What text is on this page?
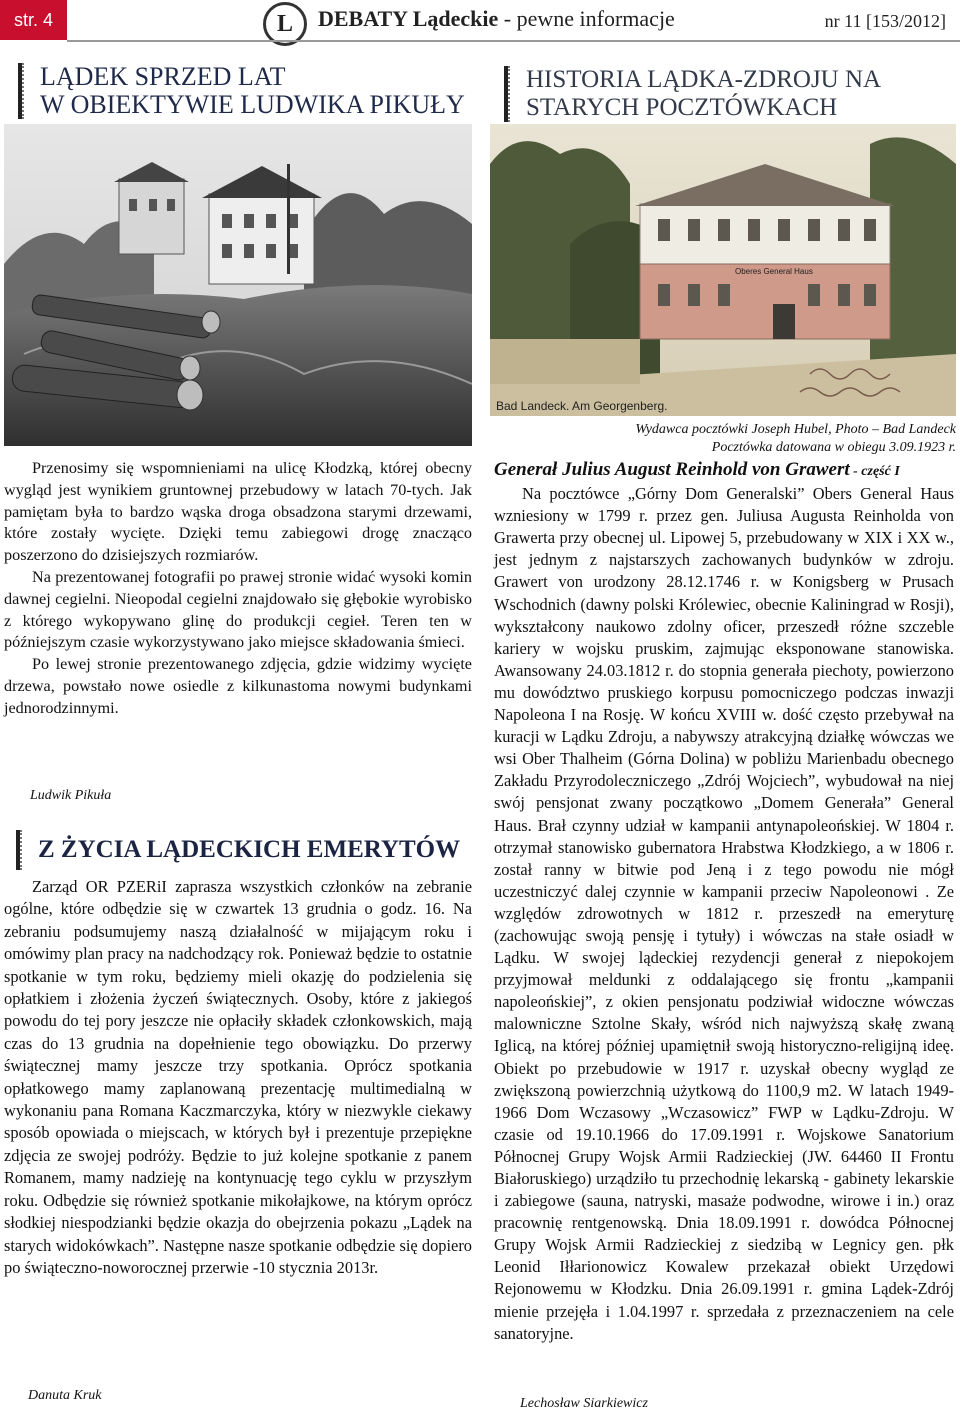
str. 4	L	DEBATY Lądeckie - pewne informacje	nr 11 [153/2012]
LĄDEK SPRZED LAT
W OBIEKTYWIE LUDWIKA PIKUŁY

Przenosimy się wspomnieniami na ulicę Kłodzką, której obecny wygląd jest wynikiem gruntownej przebudowy w latach 70-tych. Jak pamiętam była to bardzo wąska droga obsadzona starymi drzewami, które zostały wycięte. Dzięki temu zabiegowi drogę znacząco poszerzono do dzisiejszych rozmiarów.

Na prezentowanej fotografii po prawej stronie widać wysoki komin dawnej cegielni. Nieopodal cegielni znajdowało się głębokie wyrobisko z którego wykopywano glinę do produkcji cegieł. Teren ten w późniejszym czasie wykorzystywano jako miejsce składowania śmieci.

Po lewej stronie prezentowanego zdjęcia, gdzie widzimy wycięte drzewa, powstało nowe osiedle z kilkunastoma nowymi budynkami jednorodzinnymi.

Ludwik Pikuła
Z ŻYCIA LĄDECKICH EMERYTÓW

Zarząd OR PZERiI zaprasza wszystkich członków na zebranie ogólne, które odbędzie się w czwartek 13 grudnia o godz. 16. Na zebraniu podsumujemy naszą działalność w mijającym roku i omówimy plan pracy na nadchodzący rok. Ponieważ będzie to ostatnie spotkanie w tym roku, będziemy mieli okazję do podzielenia się opłatkiem i złożenia życzeń świątecznych. Osoby, które z jakiegoś powodu do tej pory jeszcze nie opłaciły składek członkowskich, mają czas do 13 grudnia na dopełnienie tego obowiązku. Do przerwy świątecznej mamy jeszcze trzy spotkania. Oprócz spotkania opłatkowego mamy zaplanowaną prezentację multimedialną w wykonaniu pana Romana Kaczmarczyka, który w niezwykle ciekawy sposób opowiada o miejscach, w których był i prezentuje przepiękne zdjęcia ze swojej podróży. Będzie to już kolejne spotkanie z panem Romanem, mamy nadzieję na kontynuację tego cyklu w przyszłym roku. Odbędzie się również spotkanie mikołajkowe, na którym oprócz słodkiej niespodzianki będzie okazja do obejrzenia pokazu „Lądek na starych widokówkach”. Następne nasze spotkanie odbędzie się dopiero po świąteczno-noworocznej przerwie -10 stycznia 2013r.

Danuta Kruk
HISTORIA LĄDKA-ZDROJU NA
STARYCH POCZTÓWKACH
Bad Landeck. Am Georgenberg.
Oberes General Haus
Wydawca pocztówki Joseph Hubel, Photo – Bad Landeck
Pocztówka datowana w obiegu 3.09.1923 r.
Generał Julius August Reinhold von Grawert - część I

Na pocztówce „Górny Dom Generalski” Obers General Haus wzniesiony w 1799 r. przez gen. Juliusa Augusta Reinholda von Grawerta przy obecnej ul. Lipowej 5, przebudowany w XIX i XX w., jest jednym z najstarszych zachowanych budynków w zdroju. Grawert von urodzony 28.12.1746 r. w Konigsberg w Prusach Wschodnich (dawny polski Królewiec, obecnie Kaliningrad w Rosji), wykształcony naukowo zdolny oficer, przeszedł różne szczeble kariery w wojsku pruskim, zajmując eksponowane stanowiska. Awansowany 24.03.1812 r. do stopnia generała piechoty, powierzono mu dowództwo pruskiego korpusu pomocniczego podczas inwazji Napoleona I na Rosję. W końcu XVIII w. dość często przebywał na kuracji w Lądku Zdroju, a nabywszy atrakcyjną działkę wówczas we wsi Ober Thalheim (Górna Dolina) w pobliżu Marienbadu obecnego Zakładu Przyrodoleczniczego „Zdrój Wojciech”, wybudował na niej swój pensjonat zwany początkowo „Domem Generała” General Haus. Brał czynny udział w kampanii antynapoleońskiej. W 1804 r. otrzymał stanowisko gubernatora Hrabstwa Kłodzkiego, a w 1806 r. został ranny w bitwie pod Jeną i z tego powodu nie mógł uczestniczyć dalej czynnie w kampanii przeciw Napoleonowi . Ze względów zdrowotnych w 1812 r. przeszedł na emeryturę (zachowując swoją pensję i tytuły) i wówczas na stałe osiadł w Lądku. W swojej lądeckiej rezydencji generał z niepokojem przyjmował meldunki z oddalającego się frontu „kampanii napoleońskiej”, z okien pensjonatu podziwiał widoczne wówczas malowniczne Sztolne Skały, wśród nich najwyższą skałę zwaną Iglicą, na której później upamiętnił swoją historyczno-religijną ideę. Obiekt po przebudowie w 1917 r. uzyskał obecny wygląd ze zwiększoną powierzchnią użytkową do 1100,9 m2. W latach 1949-1966 Dom Wczasowy „Wczasowicz” FWP w Lądku-Zdroju. W czasie od 19.10.1966 do 17.09.1991 r. Wojskowe Sanatorium Północnej Grupy Wojsk Armii Radzieckiej (JW. 64460 II Frontu Białoruskiego) urządziło tu przechodnię lekarską - gabinety lekarskie i zabiegowe (sauna, natryski, masaże podwodne, wirowe i in.) oraz pracownię rentgenowską. Dnia 18.09.1991 r. dowódca Północnej Grupy Wojsk Armii Radzieckiej z siedzibą w Legnicy gen. płk Leonid Iłłarionowicz Kowalew przekazał obiekt Urzędowi Rejonowemu w Kłodzku. Dnia 26.09.1991 r. gmina Lądek-Zdrój mienie przejęła i 1.04.1997 r. sprzedała z przeznaczeniem na cele sanatoryjne.

Lechosław Siarkiewicz
